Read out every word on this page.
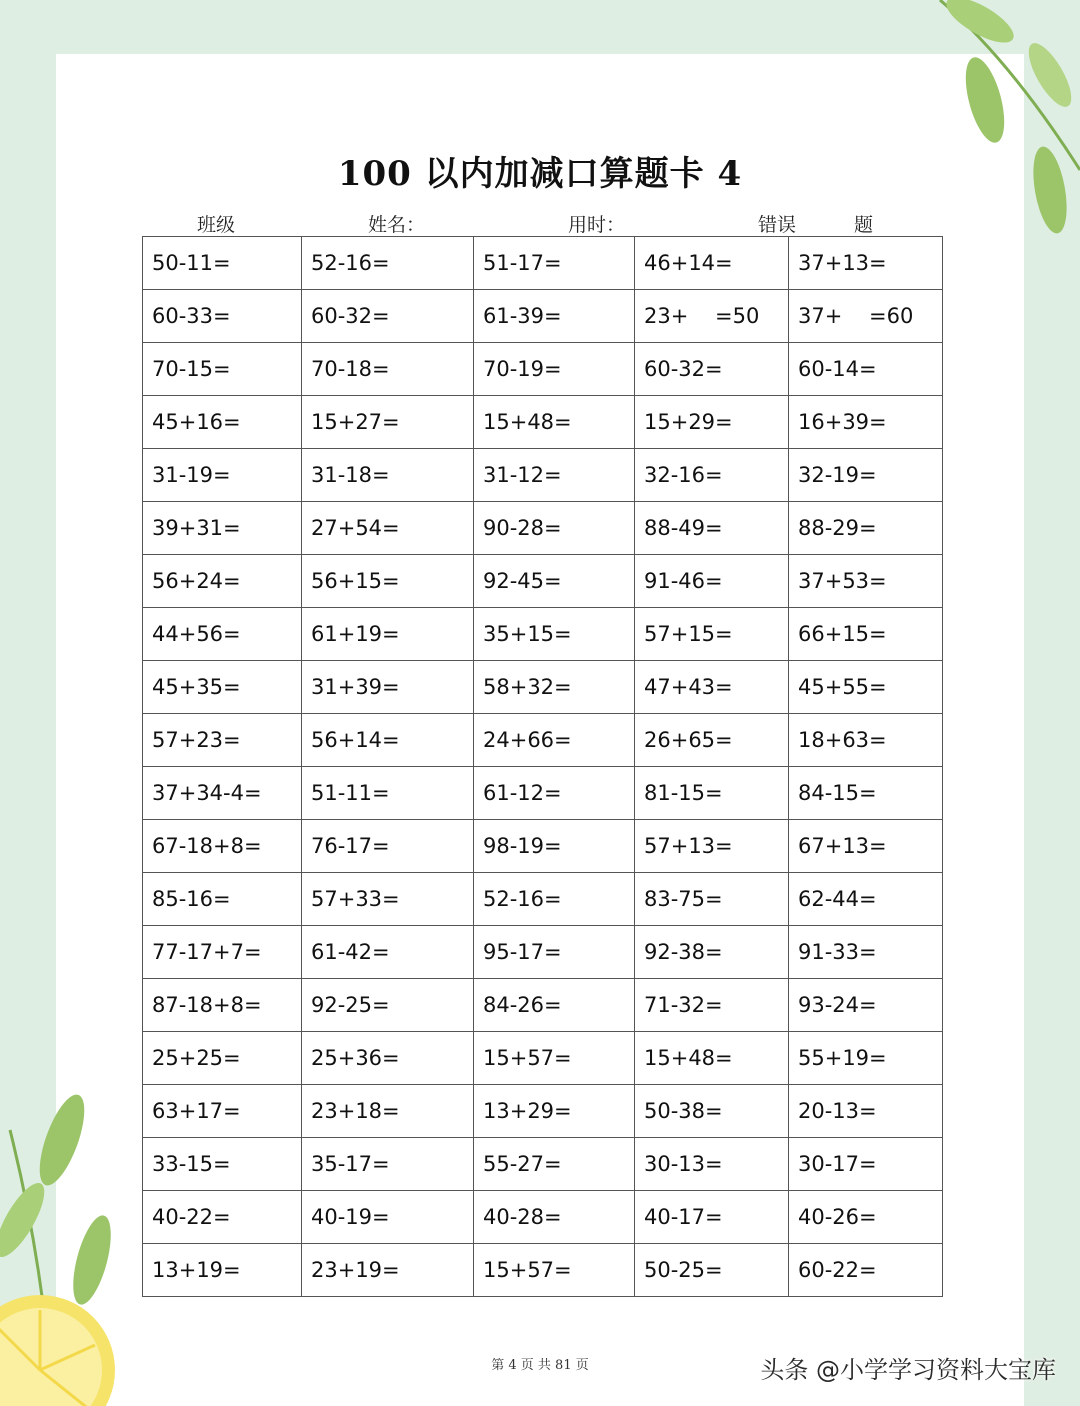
100 以内加减口算题卡 4
班级	姓名：	用时：	错误	题
50-11=	52-16=	51-17=	46+14=	37+13=
60-33=	60-32=	61-39=	23+    =50	37+    =60
70-15=	70-18=	70-19=	60-32=	60-14=
45+16=	15+27=	15+48=	15+29=	16+39=
31-19=	31-18=	31-12=	32-16=	32-19=
39+31=	27+54=	90-28=	88-49=	88-29=
56+24=	56+15=	92-45=	91-46=	37+53=
44+56=	61+19=	35+15=	57+15=	66+15=
45+35=	31+39=	58+32=	47+43=	45+55=
57+23=	56+14=	24+66=	26+65=	18+63=
37+34-4=	51-11=	61-12=	81-15=	84-15=
67-18+8=	76-17=	98-19=	57+13=	67+13=
85-16=	57+33=	52-16=	83-75=	62-44=
77-17+7=	61-42=	95-17=	92-38=	91-33=
87-18+8=	92-25=	84-26=	71-32=	93-24=
25+25=	25+36=	15+57=	15+48=	55+19=
63+17=	23+18=	13+29=	50-38=	20-13=
33-15=	35-17=	55-27=	30-13=	30-17=
40-22=	40-19=	40-28=	40-17=	40-26=
13+19=	23+19=	15+57=	50-25=	60-22=
第 4 页 共 81 页	头条 @小学学习资料大宝库
